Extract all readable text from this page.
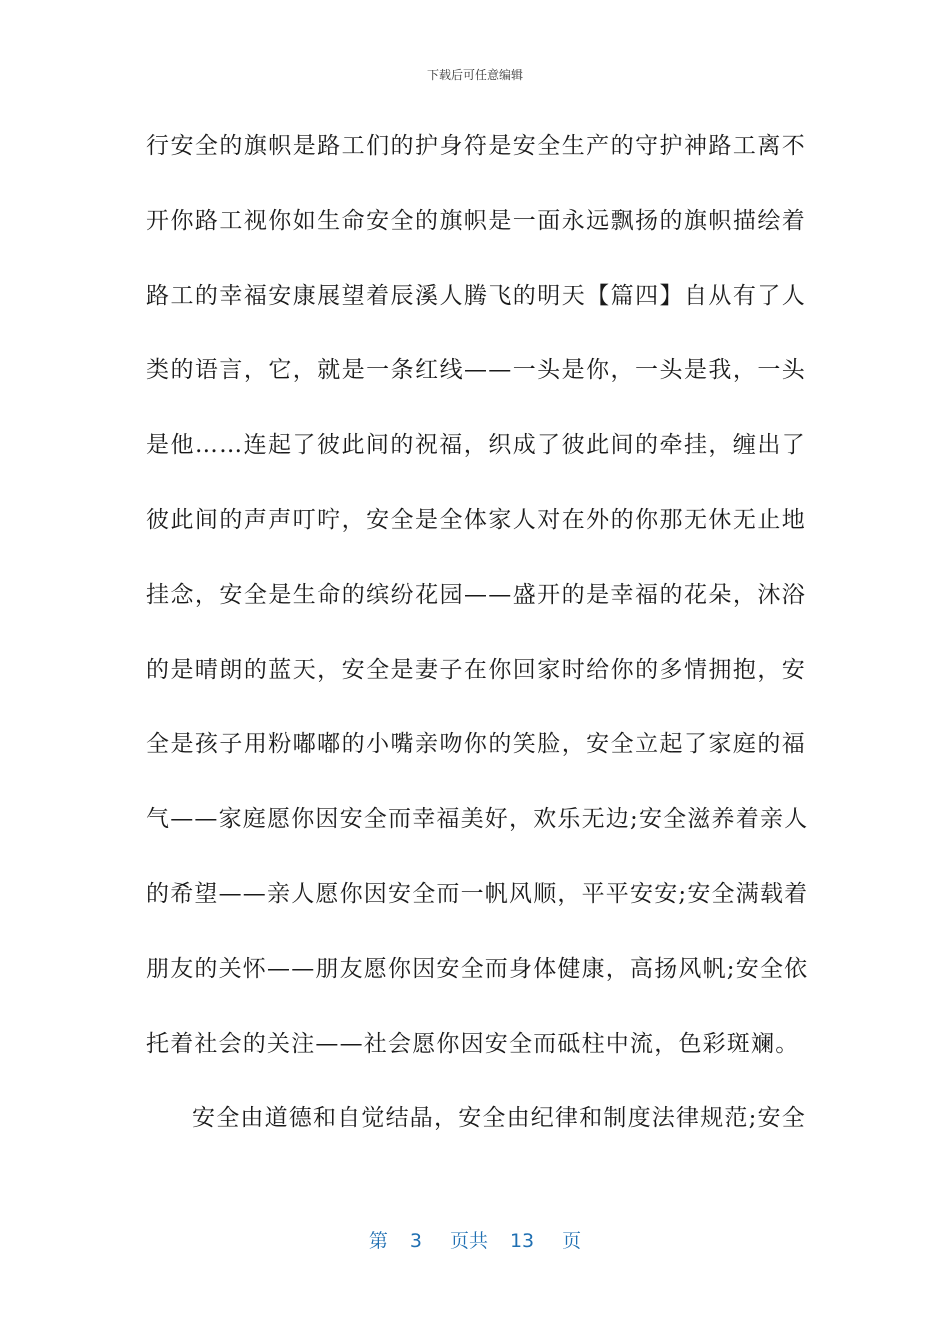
下载后可任意编辑
行安全的旗帜是路工们的护身符是安全生产的守护神路工离不
开你路工视你如生命安全的旗帜是一面永远飘扬的旗帜描绘着
路工的幸福安康展望着辰溪人腾飞的明天【篇四】自从有了人
类的语言，它，就是一条红线——一头是你，一头是我，一头
是他……连起了彼此间的祝福，织成了彼此间的牵挂，缠出了
彼此间的声声叮咛，安全是全体家人对在外的你那无休无止地
挂念，安全是生命的缤纷花园——盛开的是幸福的花朵，沐浴
的是晴朗的蓝天，安全是妻子在你回家时给你的多情拥抱，安
全是孩子用粉嘟嘟的小嘴亲吻你的笑脸，安全立起了家庭的福
气——家庭愿你因安全而幸福美好，欢乐无边;安全滋养着亲人
的希望——亲人愿你因安全而一帆风顺，平平安安;安全满载着
朋友的关怀——朋友愿你因安全而身体健康，高扬风帆;安全依
托着社会的关注——社会愿你因安全而砥柱中流，色彩斑斓。
安全由道德和自觉结晶，安全由纪律和制度法律规范;安全
第 3 页共 13 页
